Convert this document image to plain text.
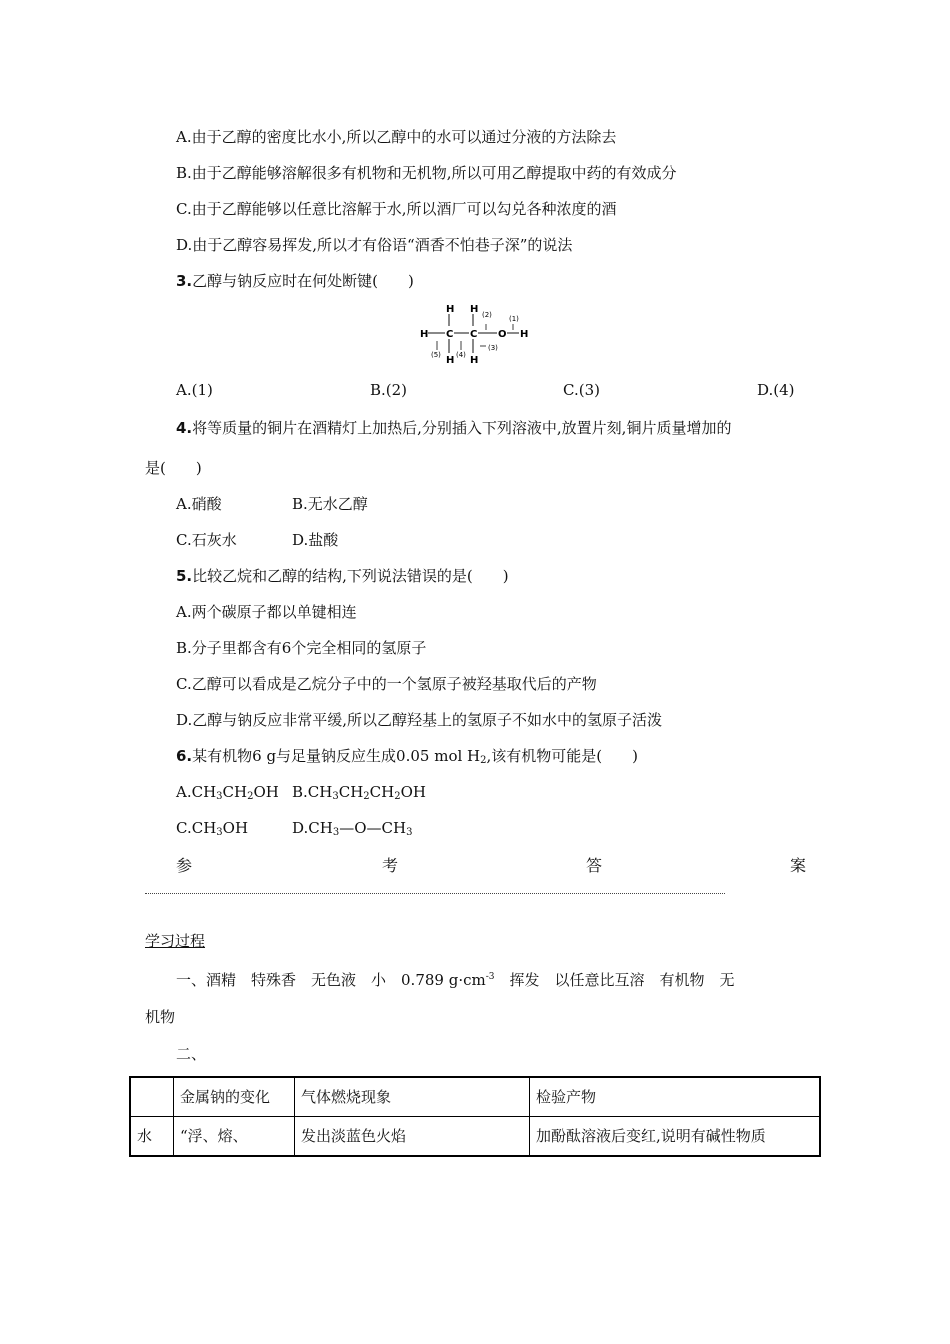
A.由于乙醇的密度比水小,所以乙醇中的水可以通过分液的方法除去
B.由于乙醇能够溶解很多有机物和无机物,所以可用乙醇提取中药的有效成分
C.由于乙醇能够以任意比溶解于水,所以酒厂可以勾兑各种浓度的酒
D.由于乙醇容易挥发,所以才有俗语“酒香不怕巷子深”的说法
3.乙醇与钠反应时在何处断键(　　)
H H
H C C O H
H H
(1)
(2)
(3)
(4)
(5)
A.(1)	B.(2)	C.(3)	D.(4)
4.将等质量的铜片在酒精灯上加热后,分别插入下列溶液中,放置片刻,铜片质量增加的
是(　　)
A.硝酸	B.无水乙醇
C.石灰水	D.盐酸
5.比较乙烷和乙醇的结构,下列说法错误的是(　　)
A.两个碳原子都以单键相连
B.分子里都含有6个完全相同的氢原子
C.乙醇可以看成是乙烷分子中的一个氢原子被羟基取代后的产物
D.乙醇与钠反应非常平缓,所以乙醇羟基上的氢原子不如水中的氢原子活泼
6.某有机物6 g与足量钠反应生成0.05 mol $H_2$,该有机物可能是(　　)
$A.CH_3CH_2OH$ $B.CH_3CH_2CH_2OH$
$C.CH_3OH$	$D.CH_3—O—CH_3$
参	考	答	案
学习过程
一、酒精　特殊香　无色液　小　0.789 $g\cdot cm^{-3}$　挥发　以任意比互溶　有机物　无
机物
二、
	金属钠的变化	气体燃烧现象	检验产物
水	“浮、熔、	发出淡蓝色火焰	加酚酞溶液后变红,说明有碱性物质
